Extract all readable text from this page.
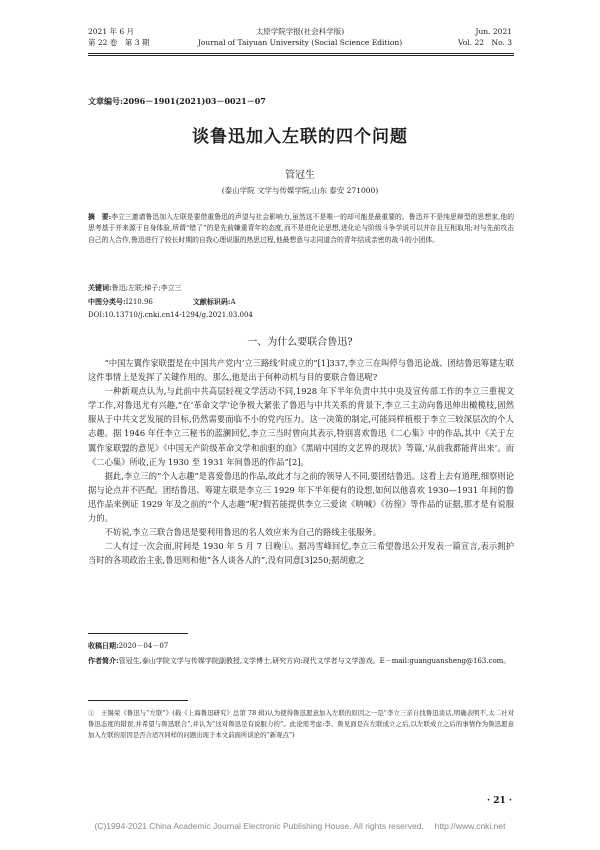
2021 年 6 月
第 22 卷　第 3 期
太原学院学报(社会科学版)
Journal of Taiyuan University (Social Science Edition)
Jun. 2021
Vol. 22　No. 3
文章编号:2096－1901(2021)03－0021－07
谈鲁迅加入左联的四个问题
管冠生
(泰山学院 文学与传媒学院,山东 泰安 271000)
摘　要:李立三邀请鲁迅加入左联是要借重鲁迅的声望与社会影响力,虽然这不是唯一的却可能是最重要的。鲁迅并不是纯思辩型的思想家,他的思考基于并来源于自身体验,所谓“错了”的是先前嫌重青年的态度,而不是进化论思想,进化论与阶级斗争学说可以并存且互相取用;对与先前攻击自己的人合作,鲁迅进行了较长时期的自我心理说服的热思过程,他最想意与志同道合的青年结成亲密的战斗的小团体。
关键词:鲁迅;左联;梯子;李立三
中图分类号:I210.96	文献标识码:A
DOI:10.13710/j.cnki.cn14-1294/g.2021.03.004
一、为什么要联合鲁迅?

“中国左翼作家联盟是在中国共产党内‘立三路线’时成立的”[1]337,李立三在叫停与鲁迅论战、团结鲁迅筹建左联这件事情上是发挥了关键作用的。那么,他是出于何种动机与目的要联合鲁迅呢?

一种新观点认为,与此前中共高层轻视文学活动不同,1928 年下半年负责中共中央及宣传部工作的李立三重视文学工作,对鲁迅尤有兴趣,“在‘革命文学’论争极大紧张了鲁迅与中共关系的背景下,李立三主动向鲁迅伸出橄榄枝,固然服从于中共文艺发展的目标,仍然需要面临不小的党内压力。这一决策的制定,可能同样植根于李立三较深层次的个人志趣。据 1946 年任李立三秘书的蓝澜回忆,李立三当时曾向其表示,特别喜欢鲁迅《二心集》中的作品,其中《关于左翼作家联盟的意见》《中国无产阶级革命文学和前驱的血》《黑暗中国的文艺界的现状》等篇,‘从前我都能背出来’。而《二心集》所收,正为 1930 至 1931 年间鲁迅的作品”[2]。

据此,李立三的“个人志趣”是喜爱鲁迅的作品,故此才与之前的领导人不同,要团结鲁迅。这看上去有道理,细察则论据与论点并不匹配。团结鲁迅、筹建左联是李立三 1929 年下半年便有的设想,如何以他喜欢 1930—1931 年间的鲁迅作品来例证 1929 年及之前的“个人志趣”呢?假若能提供李立三爱读《呐喊》《彷徨》等作品的证据,那才是有说服力的。

不妨说,李立三联合鲁迅是要利用鲁迅的名人效应来为自己的路线主张服务。

二人有过一次会面,时间是 1930 年 5 月 7 日晚①。据冯雪峰回忆,李立三希望鲁迅公开发表一篇宣言,表示拥护当时的各项政治主张,鲁迅则和他“各人谈各人的”,没有同意[3]250;据胡愈之

收稿日期:2020－04－07
作者简介:管冠生,泰山学院文学与传媒学院副教授,文学博士,研究方向:现代文学者与文学游戏。E－mail:guanguansheng@163.com。
①　王锡荣《鲁迅与“左联”》(载《上海鲁迅研究》总第 78 辑)认为使得鲁迅愿意加入左联的原因之一是“李立三亲自找鲁迅谈话,明确表明不,太二社对鲁迅态度的错误,并希望与鲁迅联合”,并认为“这对鲁迅是有说服力的”。此论需考虑:李、鲁见面是在左联成立之后,以左联成立之后的事情作为鲁迅愿意加入左联的原因是否合适?(同样的问题出现于本文前面所谈论的“新观点”)
· 21 ·
(C)1994-2021 China Academic Journal Electronic Publishing House. All rights reserved.　 http://www.cnki.net
